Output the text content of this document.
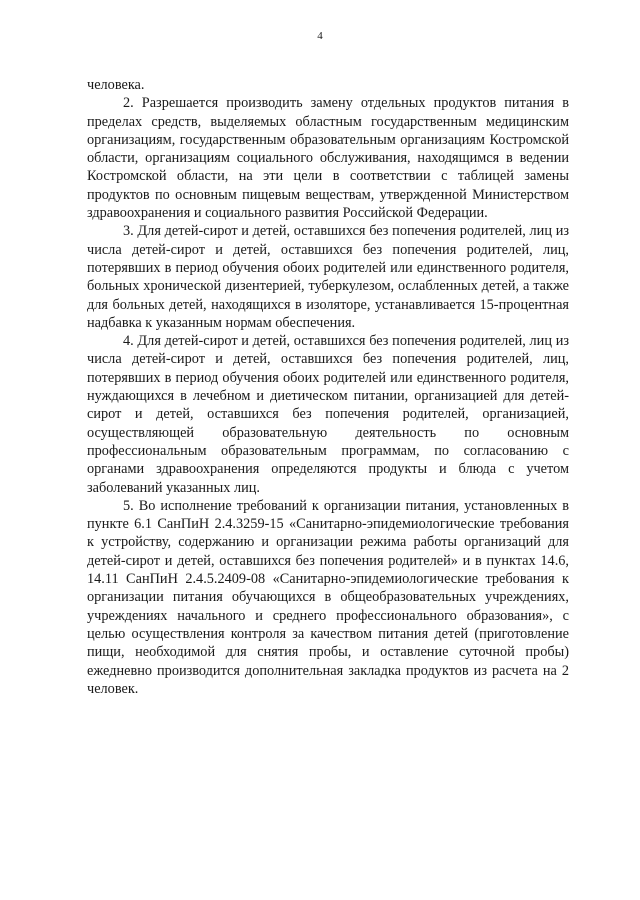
4

человека.

2. Разрешается производить замену отдельных продуктов питания в пределах средств, выделяемых областным государственным медицинским организациям, государственным образовательным организациям Костромской области, организациям социального обслуживания, находящимся в ведении Костромской области, на эти цели в соответствии с таблицей замены продуктов по основным пищевым веществам, утвержденной Министерством здравоохранения и социального развития Российской Федерации.

3. Для детей-сирот и детей, оставшихся без попечения родителей, лиц из числа детей-сирот и детей, оставшихся без попечения родителей, лиц, потерявших в период обучения обоих родителей или единственного родителя, больных хронической дизентерией, туберкулезом, ослабленных детей, а также для больных детей, находящихся в изоляторе, устанавливается 15-процентная надбавка к указанным нормам обеспечения.

4. Для детей-сирот и детей, оставшихся без попечения родителей, лиц из числа детей-сирот и детей, оставшихся без попечения родителей, лиц, потерявших в период обучения обоих родителей или единственного родителя, нуждающихся в лечебном и диетическом питании, организацией для детей-сирот и детей, оставшихся без попечения родителей, организацией, осуществляющей образовательную деятельность по основным профессиональным образовательным программам, по согласованию с органами здравоохранения определяются продукты и блюда с учетом заболеваний указанных лиц.

5. Во исполнение требований к организации питания, установленных в пункте 6.1 СанПиН 2.4.3259-15 «Санитарно-эпидемиологические требования к устройству, содержанию и организации режима работы организаций для детей-сирот и детей, оставшихся без попечения родителей» и в пунктах 14.6, 14.11 СанПиН 2.4.5.2409-08 «Санитарно-эпидемиологические требования к организации питания обучающихся в общеобразовательных учреждениях, учреждениях начального и среднего профессионального образования», с целью осуществления контроля за качеством питания детей (приготовление пищи, необходимой для снятия пробы, и оставление суточной пробы) ежедневно производится дополнительная закладка продуктов из расчета на 2 человек.
